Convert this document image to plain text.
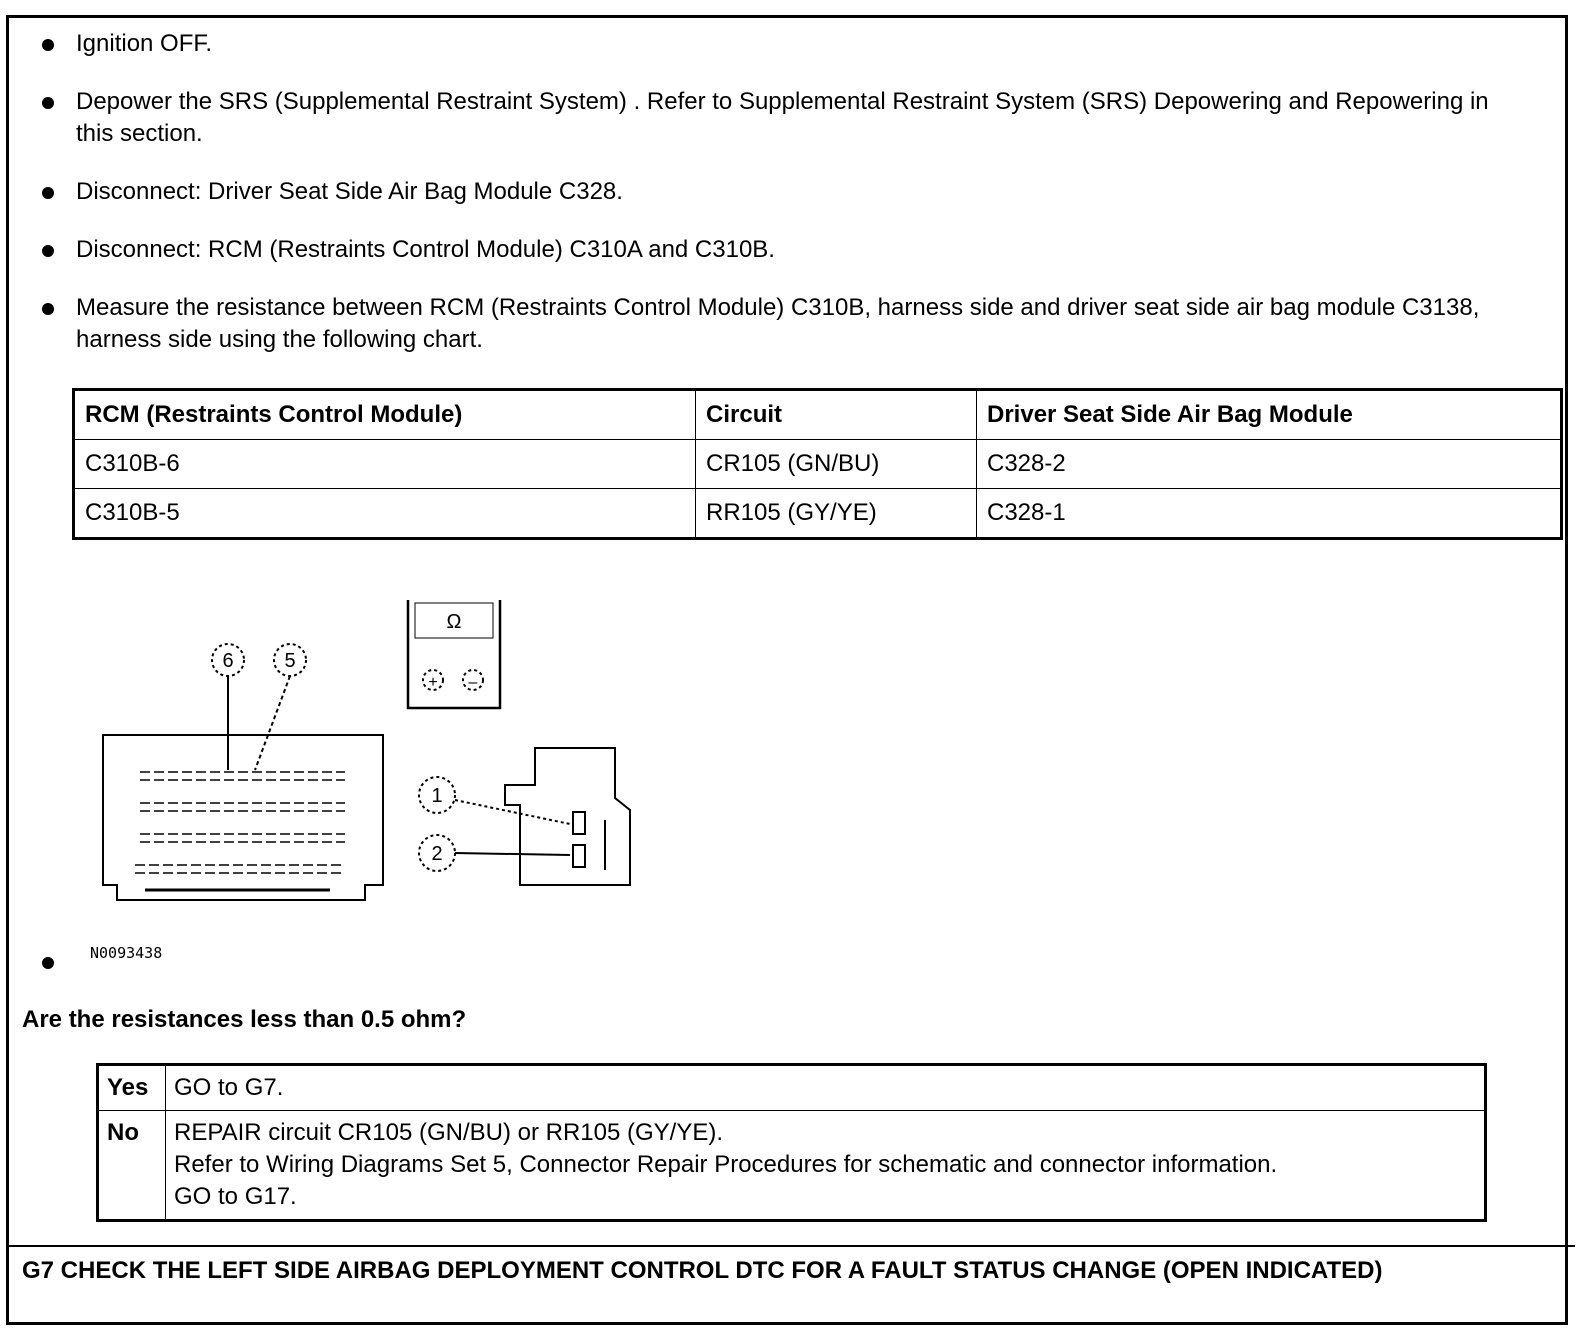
Ignition OFF.
Depower the SRS (Supplemental Restraint System) . Refer to Supplemental Restraint System (SRS) Depowering and Repowering in this section.
Disconnect: Driver Seat Side Air Bag Module C328.
Disconnect: RCM (Restraints Control Module) C310A and C310B.
Measure the resistance between RCM (Restraints Control Module) C310B, harness side and driver seat side air bag module C3138, harness side using the following chart.
RCM (Restraints Control Module)	Circuit	Driver Seat Side Air Bag Module
C310B-6	CR105 (GN/BU)	C328-2
C310B-5	RR105 (GY/YE)	C328-1
6	5
1
2
Ω
+ –
N0093438
Are the resistances less than 0.5 ohm?
Yes	GO to G7.
No	REPAIR circuit CR105 (GN/BU) or RR105 (GY/YE).
Refer to Wiring Diagrams Set 5, Connector Repair Procedures for schematic and connector information.
GO to G17.
G7 CHECK THE LEFT SIDE AIRBAG DEPLOYMENT CONTROL DTC FOR A FAULT STATUS CHANGE (OPEN INDICATED)
